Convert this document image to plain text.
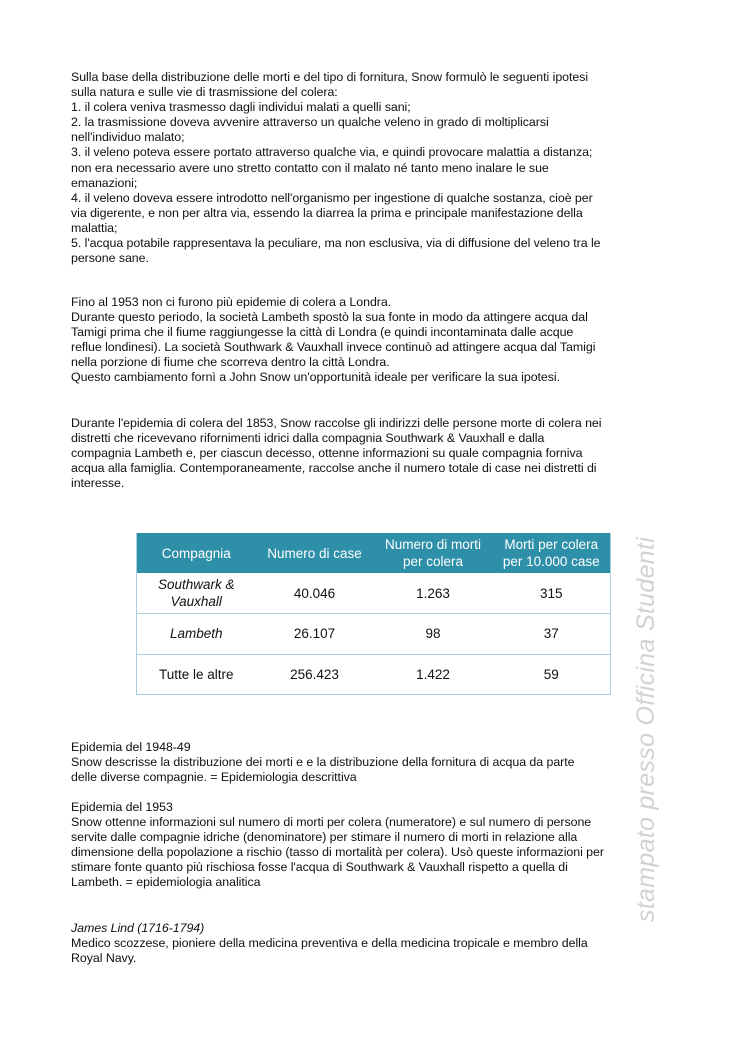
Sulla base della distribuzione delle morti e del tipo di fornitura, Snow formulò le seguenti ipotesi
sulla natura e sulle vie di trasmissione del colera:
1. il colera veniva trasmesso dagli individui malati a quelli sani;
2. la trasmissione doveva avvenire attraverso un qualche veleno in grado di moltiplicarsi
nell'individuo malato;
3. il veleno poteva essere portato attraverso qualche via, e quindi provocare malattia a distanza;
non era necessario avere uno stretto contatto con il malato né tanto meno inalare le sue
emanazioni;
4. il veleno doveva essere introdotto nell'organismo per ingestione di qualche sostanza, cioè per
via digerente, e non per altra via, essendo la diarrea la prima e principale manifestazione della
malattia;
5. l'acqua potabile rappresentava la peculiare, ma non esclusiva, via di diffusione del veleno tra le
persone sane.
Fino al 1953 non ci furono più epidemie di colera a Londra.
Durante questo periodo, la società Lambeth spostò la sua fonte in modo da attingere acqua dal
Tamigi prima che il fiume raggiungesse la città di Londra (e quindi incontaminata dalle acque
reflue londinesi). La società Southwark & Vauxhall invece continuò ad attingere acqua dal Tamigi
nella porzione di fiume che scorreva dentro la città Londra.
Questo cambiamento fornì a John Snow un'opportunità ideale per verificare la sua ipotesi.
Durante l'epidemia di colera del 1853, Snow raccolse gli indirizzi delle persone morte di colera nei
distretti che ricevevano rifornimenti idrici dalla compagnia Southwark & Vauxhall e dalla
compagnia Lambeth e, per ciascun decesso, ottenne informazioni su quale compagnia forniva
acqua alla famiglia. Contemporaneamente, raccolse anche il numero totale di case nei distretti di
interesse.
Compagnia	Numero di case	Numero di morti per colera	Morti per colera per 10.000 case
Southwark & Vauxhall	40.046	1.263	315
Lambeth	26.107	98	37
Tutte le altre	256.423	1.422	59
Epidemia del 1948-49
Snow descrisse la distribuzione dei morti e e la distribuzione della fornitura di acqua da parte
delle diverse compagnie. = Epidemiologia descrittiva
Epidemia del 1953
Snow ottenne informazioni sul numero di morti per colera (numeratore) e sul numero di persone
servite dalle compagnie idriche (denominatore) per stimare il numero di morti in relazione alla
dimensione della popolazione a rischio (tasso di mortalità per colera). Usò queste informazioni per
stimare fonte quanto più rischiosa fosse l'acqua di Southwark & Vauxhall rispetto a quella di
Lambeth. = epidemiologia analitica
James Lind (1716-1794)
Medico scozzese, pioniere della medicina preventiva e della medicina tropicale e membro della
Royal Navy.
stampato presso Officina Studenti
